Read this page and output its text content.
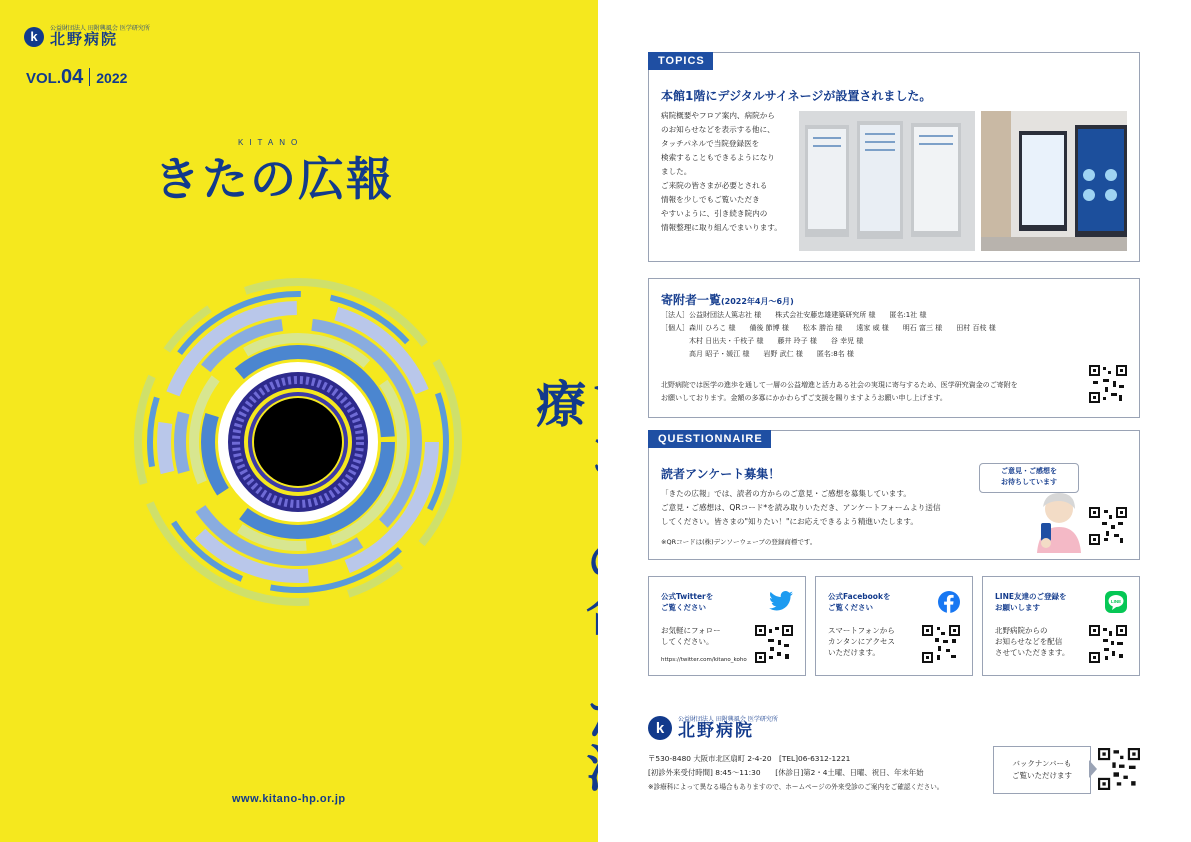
k
公益財団法人 田附興風会 医学研究所
北野病院
VOL.04 2022
KITANO
きたの広報
療
www.kitano-hp.or.jp
TOPICS
本館1階にデジタルサイネージが設置されました。
病院概要やフロア案内、病院から
のお知らせなどを表示する他に、
タッチパネルで当院登録医を
検索することもできるようになり
ました。
ご来院の皆さまが必要とされる
情報を少しでもご覧いただき
やすいように、引き続き院内の
情報整理に取り組んでまいります。
寄附者一覧(2022年4月〜6月)
［法人］公益財団法人篤志社 様　　株式会社安藤忠雄建築研究所 様　　匿名:1社 様
［個人］森川 ひろこ 様　　備後 節博 様　　松本 勝治 様　　遠家 威 様　　明石 富三 様　　田村 百枝 様
　　　　木村 日出夫・千枝子 様　　藤井 玲子 様　　谷 幸児 様
　　　　高月 昭子・媛江 様　　岩野 武仁 様　　匿名:8名 様
北野病院では医学の進歩を通して一層の公益増進と活力ある社会の実現に寄与するため、医学研究資金のご寄附を
お願いしております。金額の多寡にかかわらずご支援を賜りますようお願い申し上げます。
QUESTIONNAIRE
読者アンケート募集！
「きたの広報」では、読者の方からのご意見・ご感想を募集しています。
ご意見・ご感想は、QRコード*を読み取りいただき、アンケートフォームより送信
してください。皆さまの"知りたい！"にお応えできるよう精進いたします。
※QRコードは(株)デンソーウェーブの登録商標です。
ご意見・ご感想を
お待ちしています
公式Twitterを
ご覧ください
お気軽にフォロー
してください。
https://twitter.com/kitano_koho
公式Facebookを
ご覧ください
スマートフォンから
カンタンにアクセス
いただけます。
LINE友達のご登録を
お願いします
LINE
北野病院からの
お知らせなどを配信
させていただきます。
k
公益財団法人 田附興風会 医学研究所
北野病院
〒530-8480 大阪市北区扇町 2-4-20　[TEL]06-6312-1221
[初診外来受付時間] 8:45〜11:30　　[休診日]第2・4土曜、日曜、祝日、年末年始
※診療科によって異なる場合もありますので、ホームページの外来受診のご案内をご確認ください。
バックナンバーも
ご覧いただけます
